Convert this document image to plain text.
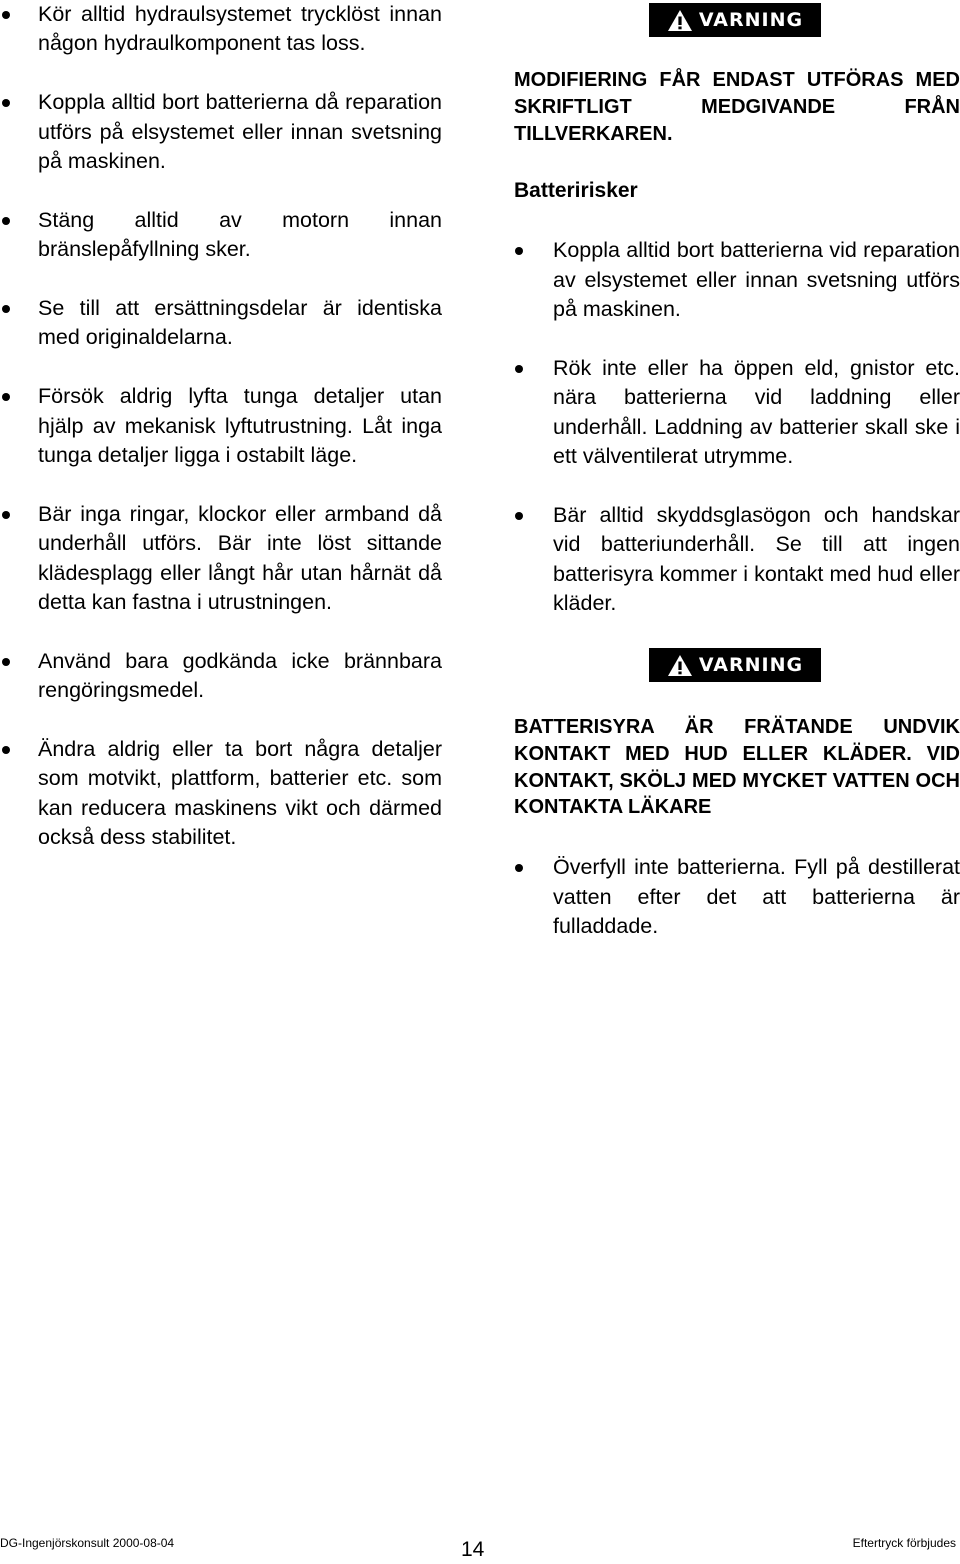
Kör alltid hydraulsystemet trycklöst innan någon hydraulkomponent tas loss.
Koppla alltid bort batterierna då reparation utförs på elsystemet eller innan svetsning på maskinen.
Stäng alltid av motorn innan bränslepåfyllning sker.
Se till att ersättningsdelar är identiska med originaldelarna.
Försök aldrig lyfta tunga detaljer utan hjälp av mekanisk lyftutrustning. Låt inga tunga detaljer ligga i ostabilt läge.
Bär inga ringar, klockor eller armband då underhåll utförs. Bär inte löst sittande klädesplagg eller långt hår utan hårnät då detta kan fastna i utrustningen.
Använd bara godkända icke brännbara rengöringsmedel.
Ändra aldrig eller ta bort några detaljer som motvikt, plattform, batterier etc. som kan reducera maskinens vikt och därmed också dess stabilitet.
VARNING

MODIFIERING FÅR ENDAST UTFÖRAS MED SKRIFTLIGT MEDGIVANDE FRÅN TILLVERKAREN.

Batteririsker

Koppla alltid bort batterierna vid reparation av elsystemet eller innan svetsning utförs på maskinen.
Rök inte eller ha öppen eld, gnistor etc. nära batterierna vid laddning eller underhåll. Laddning av batterier skall ske i ett välventilerat utrymme.
Bär alltid skyddsglasögon och handskar vid batteriunderhåll. Se till att ingen batterisyra kommer i kontakt med hud eller kläder.
VARNING

BATTERISYRA ÄR FRÄTANDE UNDVIK KONTAKT MED HUD ELLER KLÄDER. VID KONTAKT, SKÖLJ MED MYCKET VATTEN OCH KONTAKTA LÄKARE

Överfyll inte batterierna. Fyll på destillerat vatten efter det att batterierna är fulladdade.
DG-Ingenjörskonsult 2000-08-04	14	Eftertryck förbjudes
